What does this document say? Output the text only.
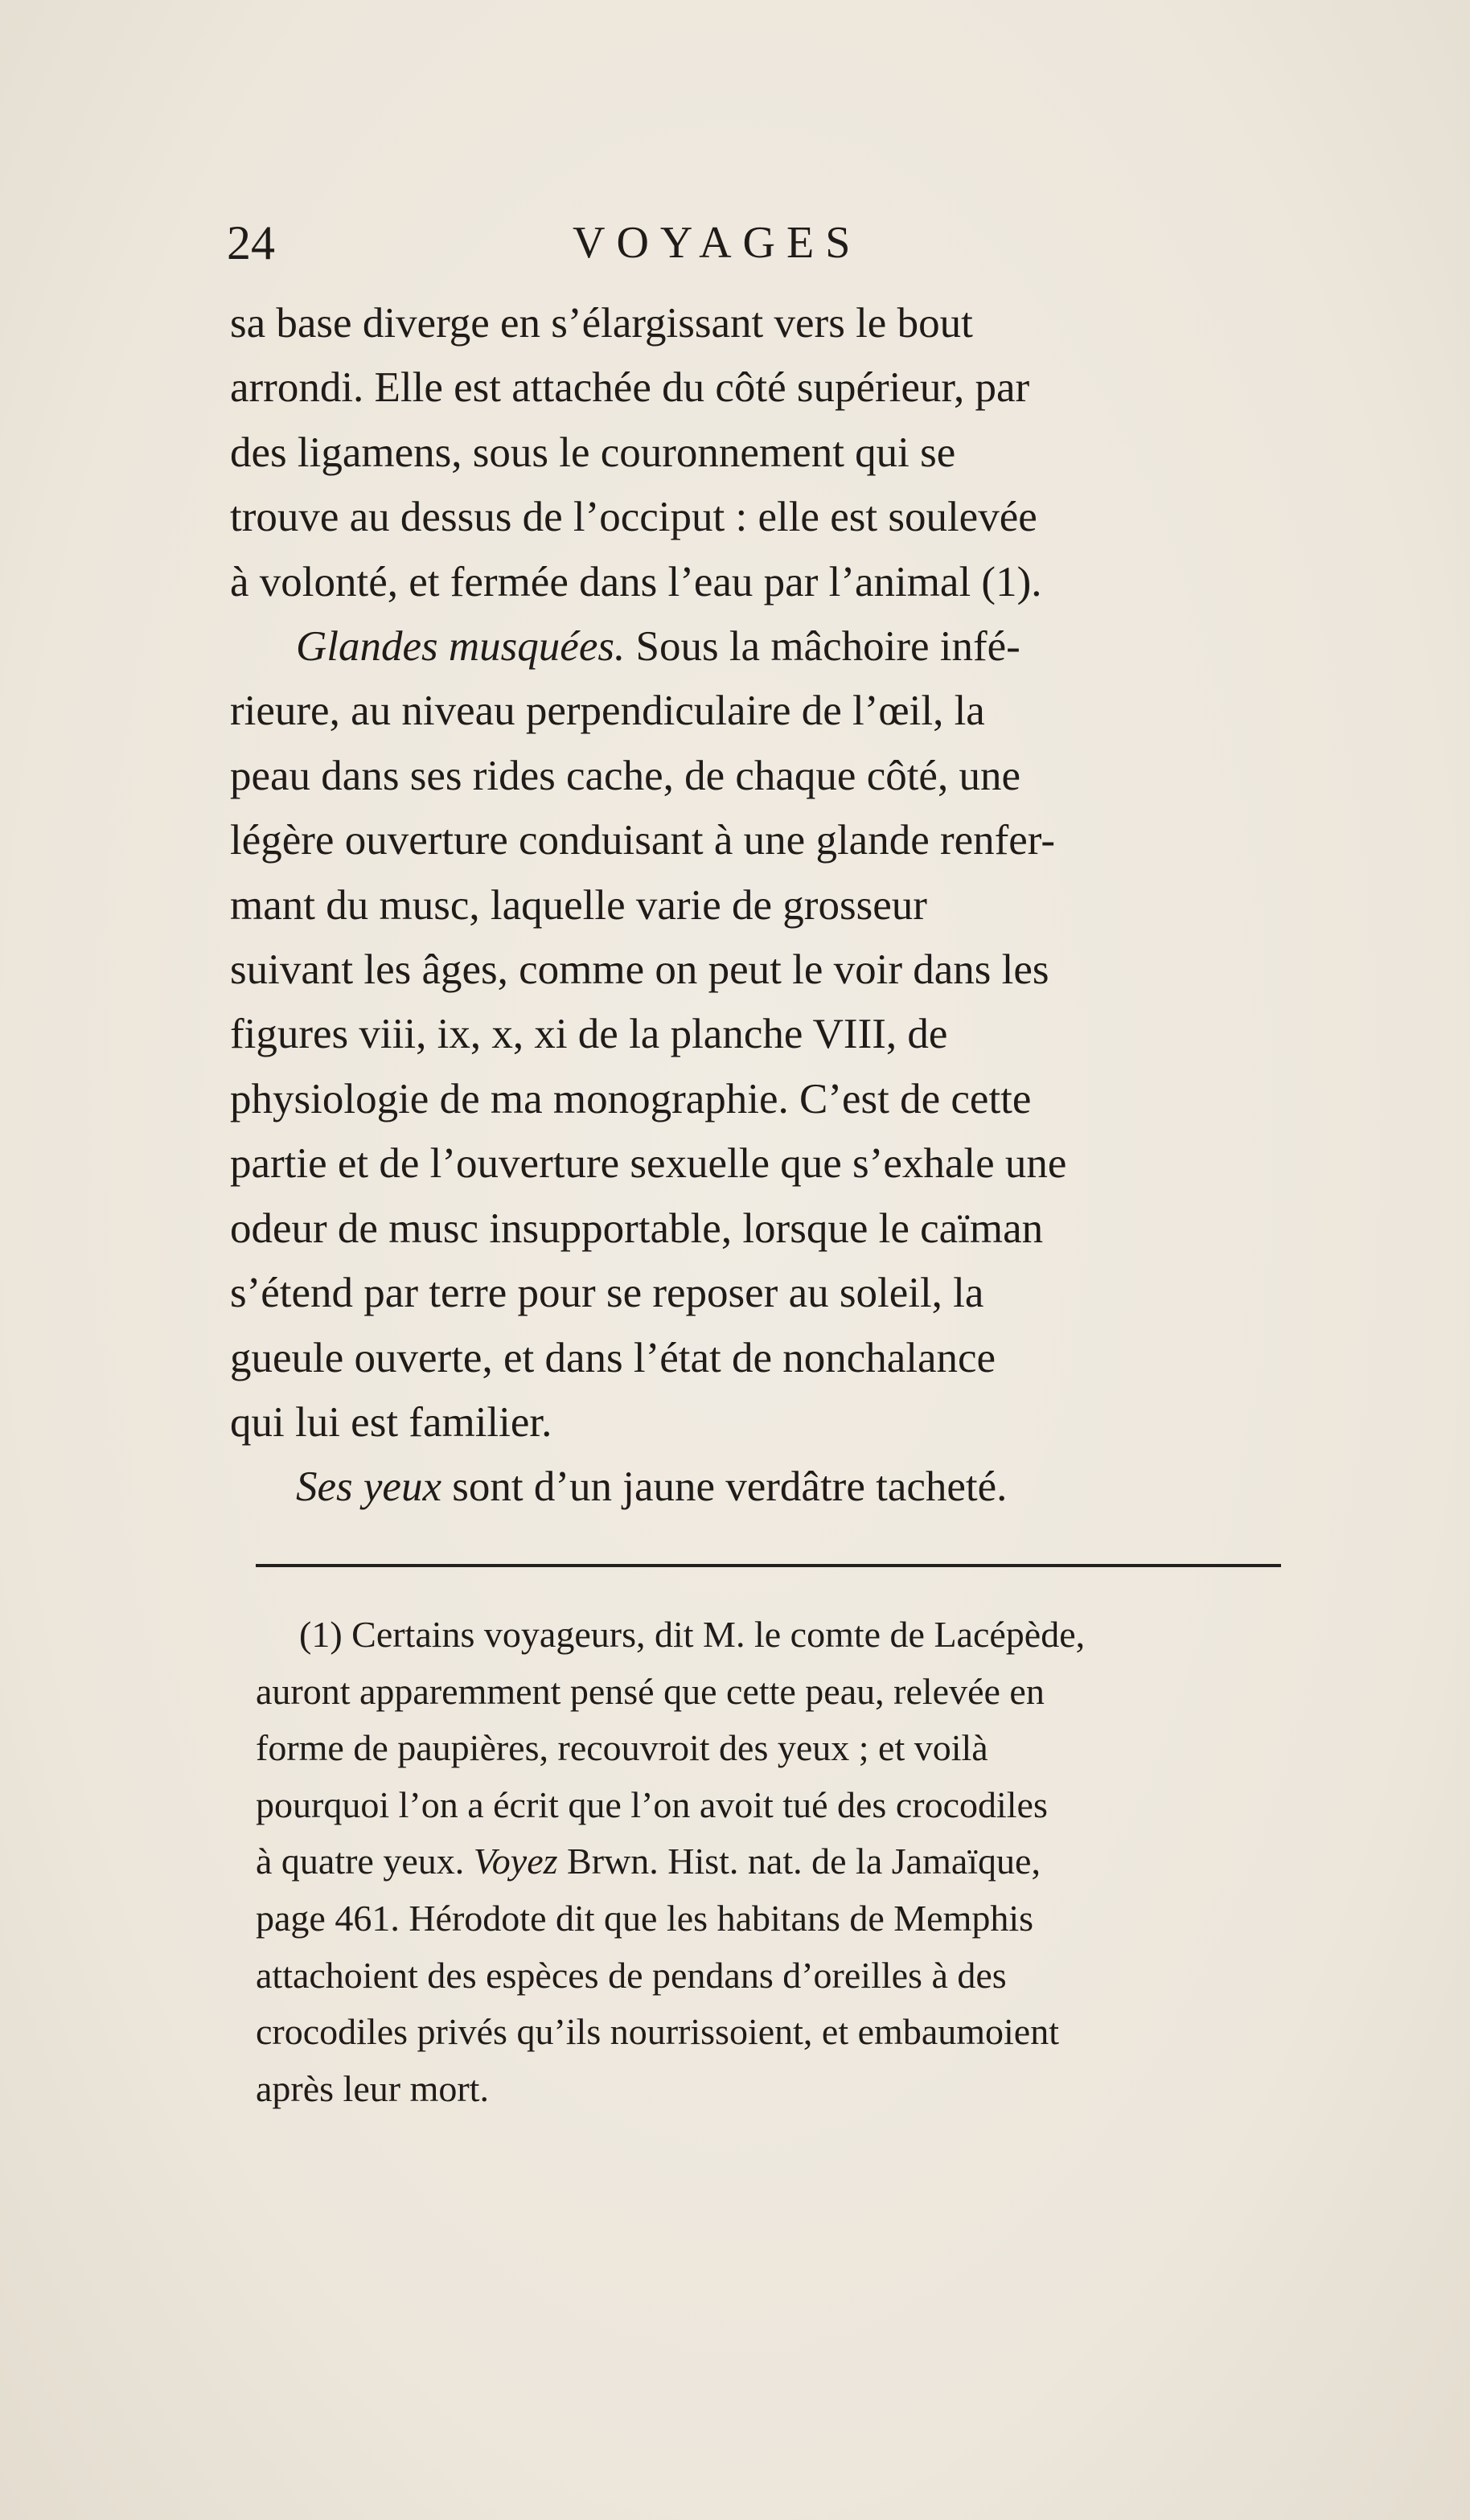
24	VOYAGES
sa base diverge en s’élargissant vers le bout
arrondi. Elle est attachée du côté supérieur, par
des ligamens, sous le couronnement qui se
trouve au dessus de l’occiput : elle est soulevée
à volonté, et fermée dans l’eau par l’animal (1).
Glandes musquées. Sous la mâchoire infé-
rieure, au niveau perpendiculaire de l’œil, la
peau dans ses rides cache, de chaque côté, une
légère ouverture conduisant à une glande renfer-
mant du musc, laquelle varie de grosseur
suivant les âges, comme on peut le voir dans les
figures viii, ix, x, xi de la planche VIII, de
physiologie de ma monographie. C’est de cette
partie et de l’ouverture sexuelle que s’exhale une
odeur de musc insupportable, lorsque le caïman
s’étend par terre pour se reposer au soleil, la
gueule ouverte, et dans l’état de nonchalance
qui lui est familier.
Ses yeux sont d’un jaune verdâtre tacheté.
(1) Certains voyageurs, dit M. le comte de Lacépède,
auront apparemment pensé que cette peau, relevée en
forme de paupières, recouvroit des yeux ; et voilà
pourquoi l’on a écrit que l’on avoit tué des crocodiles
à quatre yeux. Voyez Brwn. Hist. nat. de la Jamaïque,
page 461. Hérodote dit que les habitans de Memphis
attachoient des espèces de pendans d’oreilles à des
crocodiles privés qu’ils nourrissoient, et embaumoient
après leur mort.
